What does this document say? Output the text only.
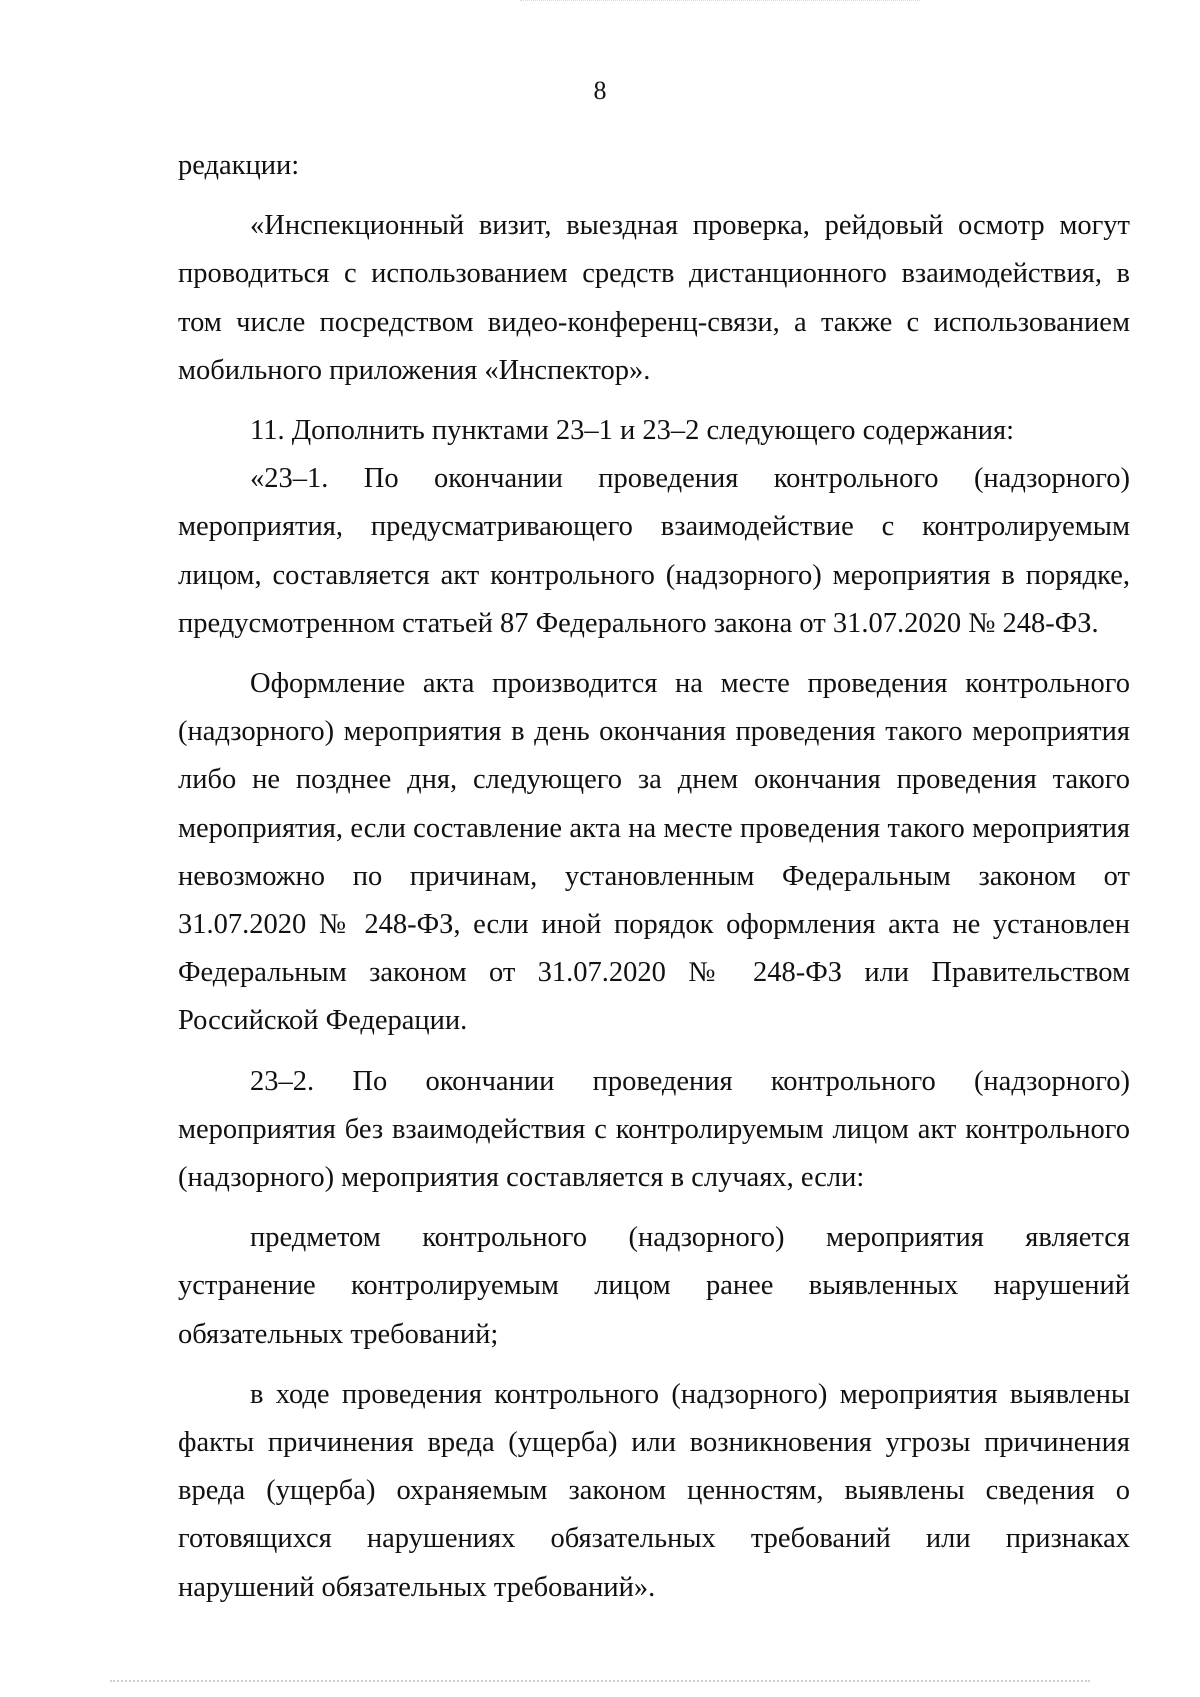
8

редакции:

«Инспекционный визит, выездная проверка, рейдовый осмотр могут проводиться с использованием средств дистанционного взаимодействия, в том числе посредством видео-конференц-связи, а также с использованием мобильного приложения «Инспектор».

11. Дополнить пунктами 23–1 и 23–2 следующего содержания:

«23–1. По окончании проведения контрольного (надзорного) мероприятия, предусматривающего взаимодействие с контролируемым лицом, составляется акт контрольного (надзорного) мероприятия в порядке, предусмотренном статьей 87 Федерального закона от 31.07.2020 № 248-ФЗ.

Оформление акта производится на месте проведения контрольного (надзорного) мероприятия в день окончания проведения такого мероприятия либо не позднее дня, следующего за днем окончания проведения такого мероприятия, если составление акта на месте проведения такого мероприятия невозможно по причинам, установленным Федеральным законом от 31.07.2020 № 248-ФЗ, если иной порядок оформления акта не установлен Федеральным законом от 31.07.2020 № 248-ФЗ или Правительством Российской Федерации.

23–2. По окончании проведения контрольного (надзорного) мероприятия без взаимодействия с контролируемым лицом акт контрольного (надзорного) мероприятия составляется в случаях, если:

предметом контрольного (надзорного) мероприятия является устранение контролируемым лицом ранее выявленных нарушений обязательных требований;

в ходе проведения контрольного (надзорного) мероприятия выявлены факты причинения вреда (ущерба) или возникновения угрозы причинения вреда (ущерба) охраняемым законом ценностям, выявлены сведения о готовящихся нарушениях обязательных требований или признаках нарушений обязательных требований».
